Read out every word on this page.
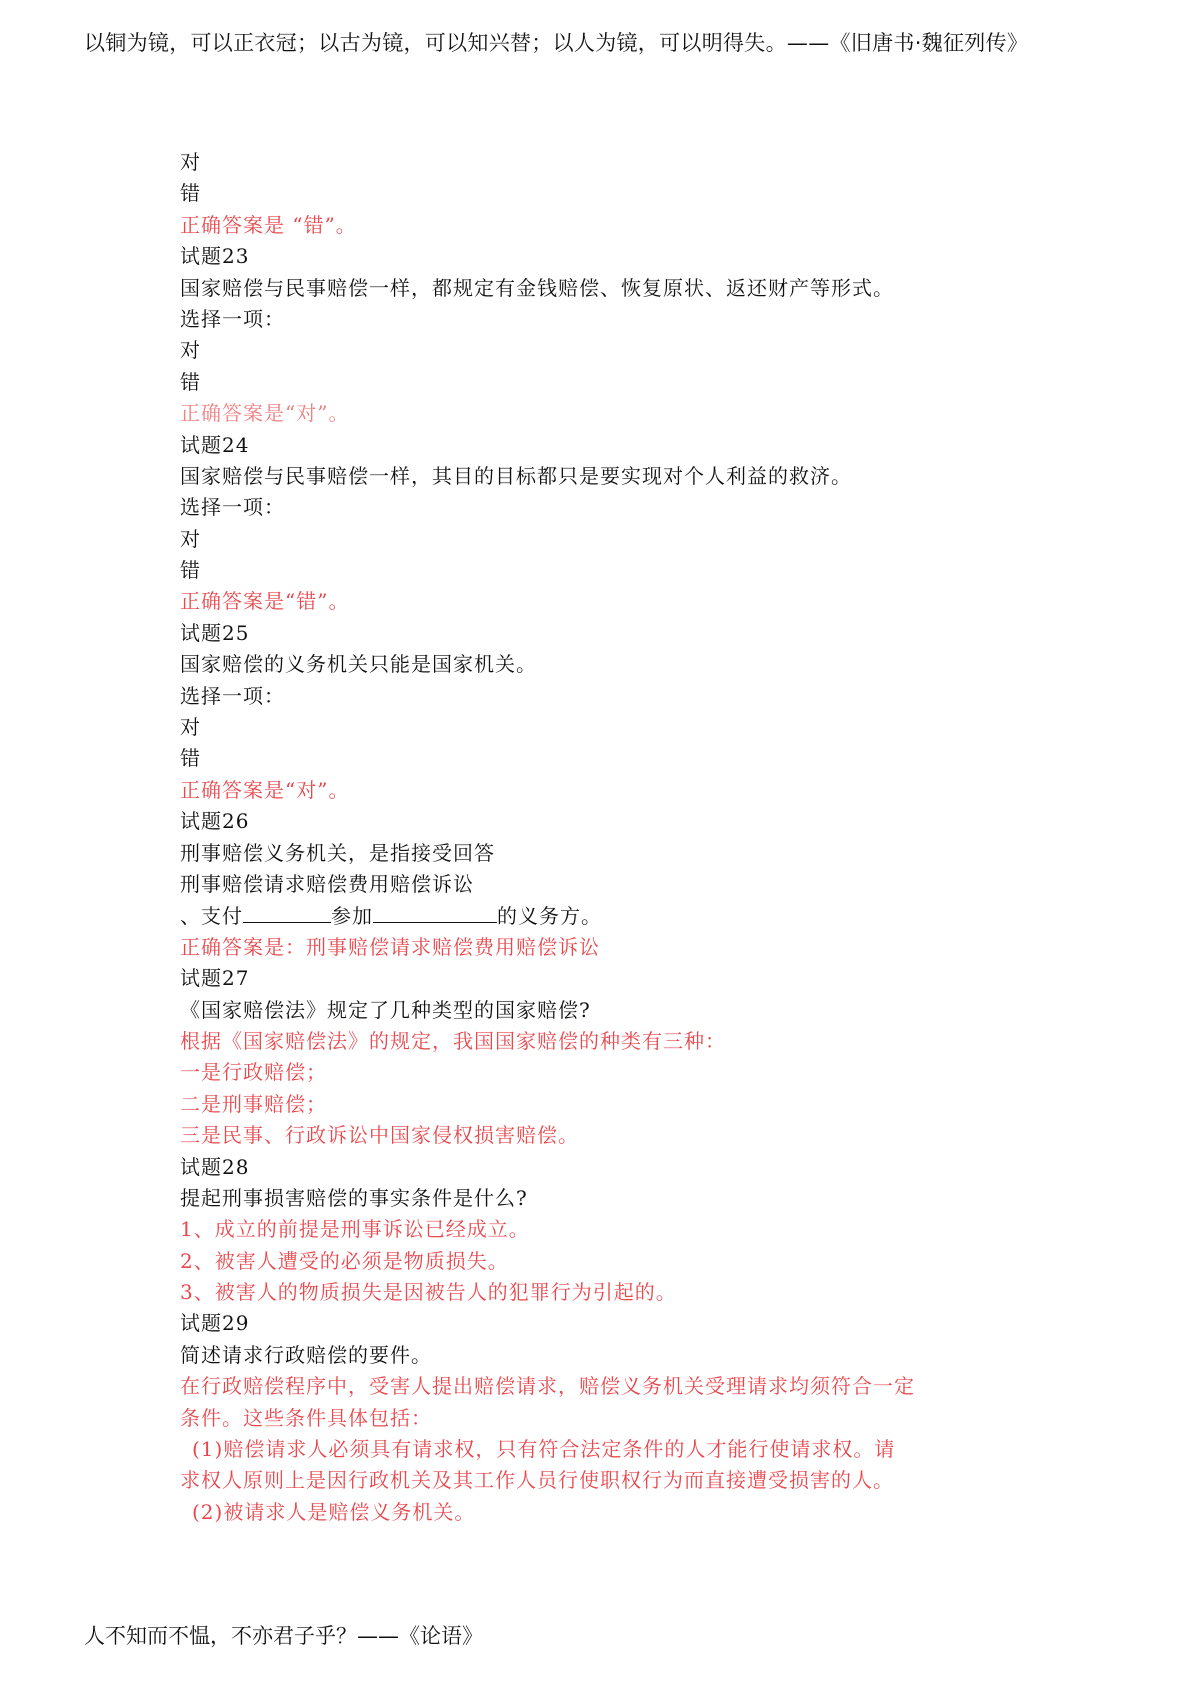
以铜为镜，可以正衣冠；以古为镜，可以知兴替；以人为镜，可以明得失。——《旧唐书·魏征列传》
对
错
正确答案是 “错”。
试题23
国家赔偿与民事赔偿一样，都规定有金钱赔偿、恢复原状、返还财产等形式。
选择一项：
对
错
正确答案是“对”。
试题24
国家赔偿与民事赔偿一样，其目的目标都只是要实现对个人利益的救济。
选择一项：
对
错
正确答案是“错”。
试题25
国家赔偿的义务机关只能是国家机关。
选择一项：
对
错
正确答案是“对”。
试题26
刑事赔偿义务机关，是指接受回答
刑事赔偿请求赔偿费用赔偿诉讼
、支付	参加	的义务方。
正确答案是：刑事赔偿请求赔偿费用赔偿诉讼
试题27
《国家赔偿法》规定了几种类型的国家赔偿?
根据《国家赔偿法》的规定，我国国家赔偿的种类有三种：
一是行政赔偿；
二是刑事赔偿；
三是民事、行政诉讼中国家侵权损害赔偿。
试题28
提起刑事损害赔偿的事实条件是什么?
1、成立的前提是刑事诉讼已经成立。
2、被害人遭受的必须是物质损失。
3、被害人的物质损失是因被告人的犯罪行为引起的。
试题29
简述请求行政赔偿的要件。
在行政赔偿程序中，受害人提出赔偿请求，赔偿义务机关受理请求均须符合一定
条件。这些条件具体包括：
(1)赔偿请求人必须具有请求权，只有符合法定条件的人才能行使请求权。请
求权人原则上是因行政机关及其工作人员行使职权行为而直接遭受损害的人。
(2)被请求人是赔偿义务机关。
人不知而不愠，不亦君子乎？——《论语》
